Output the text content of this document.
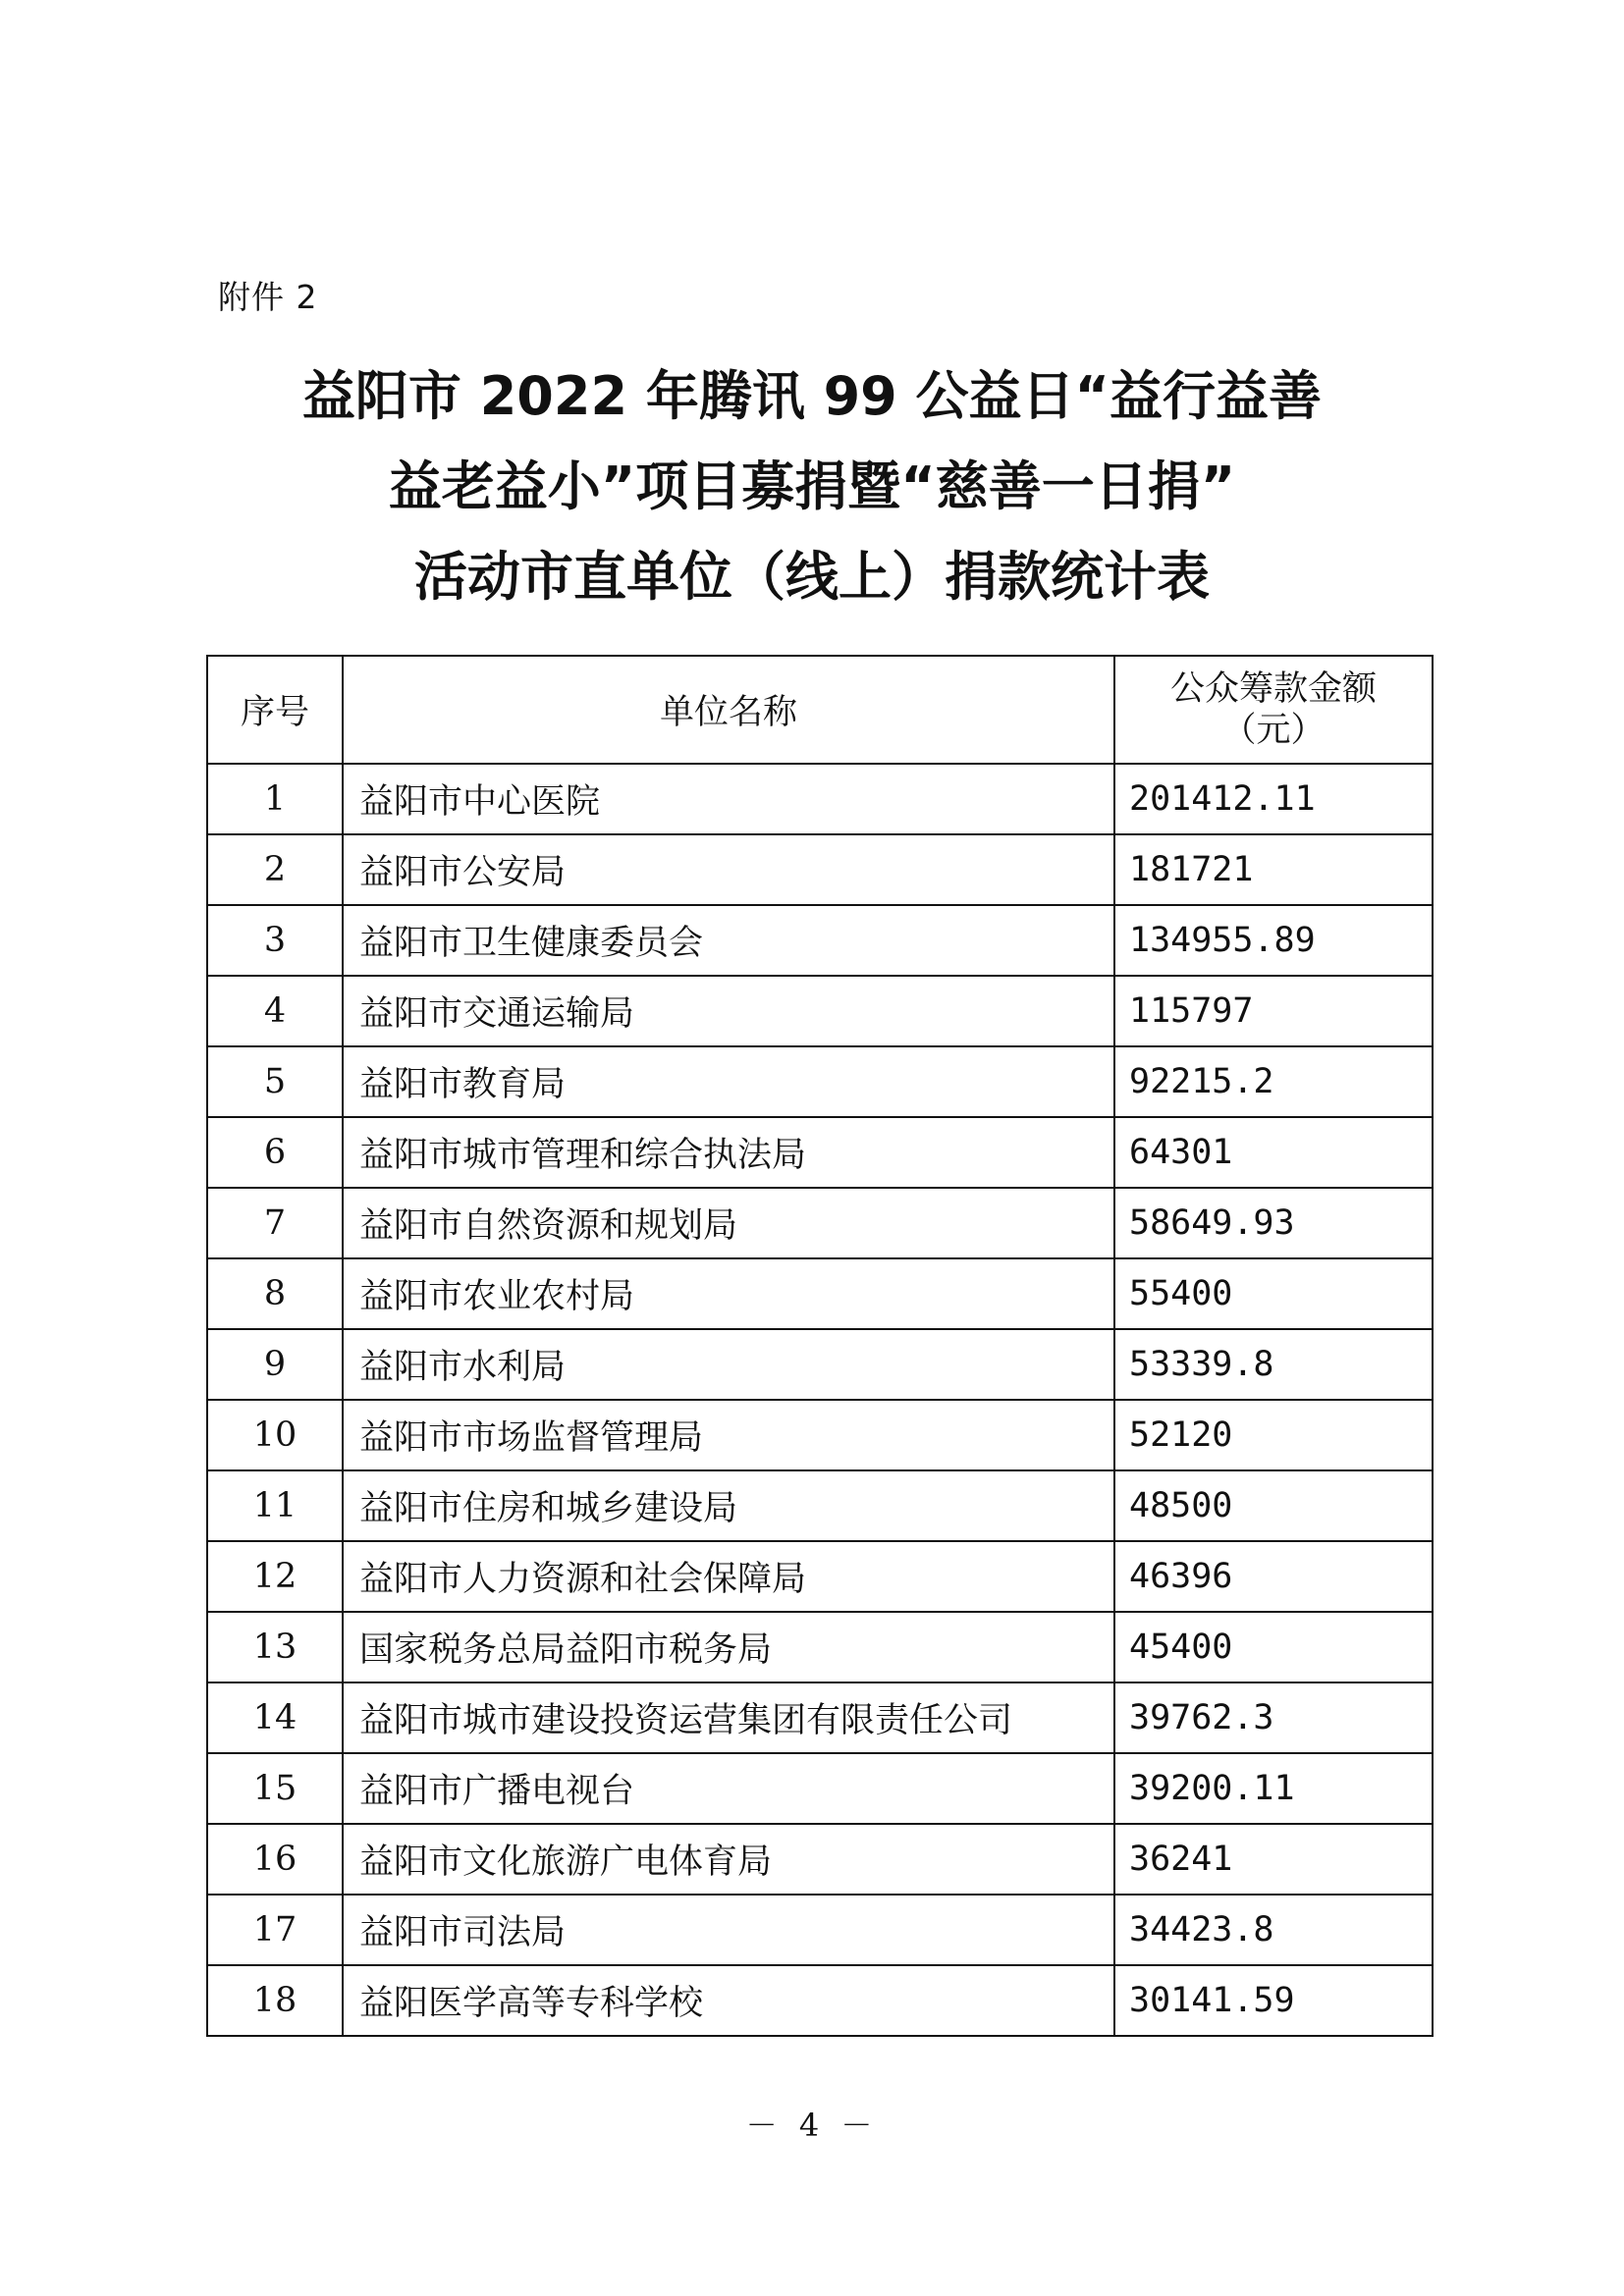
附件 2
益阳市 2022 年腾讯 99 公益日“益行益善
益老益小”项目募捐暨“慈善一日捐”
活动市直单位（线上）捐款统计表
序号	单位名称	公众筹款金额
（元）
1	益阳市中心医院	201412.11
2	益阳市公安局	181721
3	益阳市卫生健康委员会	134955.89
4	益阳市交通运输局	115797
5	益阳市教育局	92215.2
6	益阳市城市管理和综合执法局	64301
7	益阳市自然资源和规划局	58649.93
8	益阳市农业农村局	55400
9	益阳市水利局	53339.8
10	益阳市市场监督管理局	52120
11	益阳市住房和城乡建设局	48500
12	益阳市人力资源和社会保障局	46396
13	国家税务总局益阳市税务局	45400
14	益阳市城市建设投资运营集团有限责任公司	39762.3
15	益阳市广播电视台	39200.11
16	益阳市文化旅游广电体育局	36241
17	益阳市司法局	34423.8
18	益阳医学高等专科学校	30141.59
－ 4 －
